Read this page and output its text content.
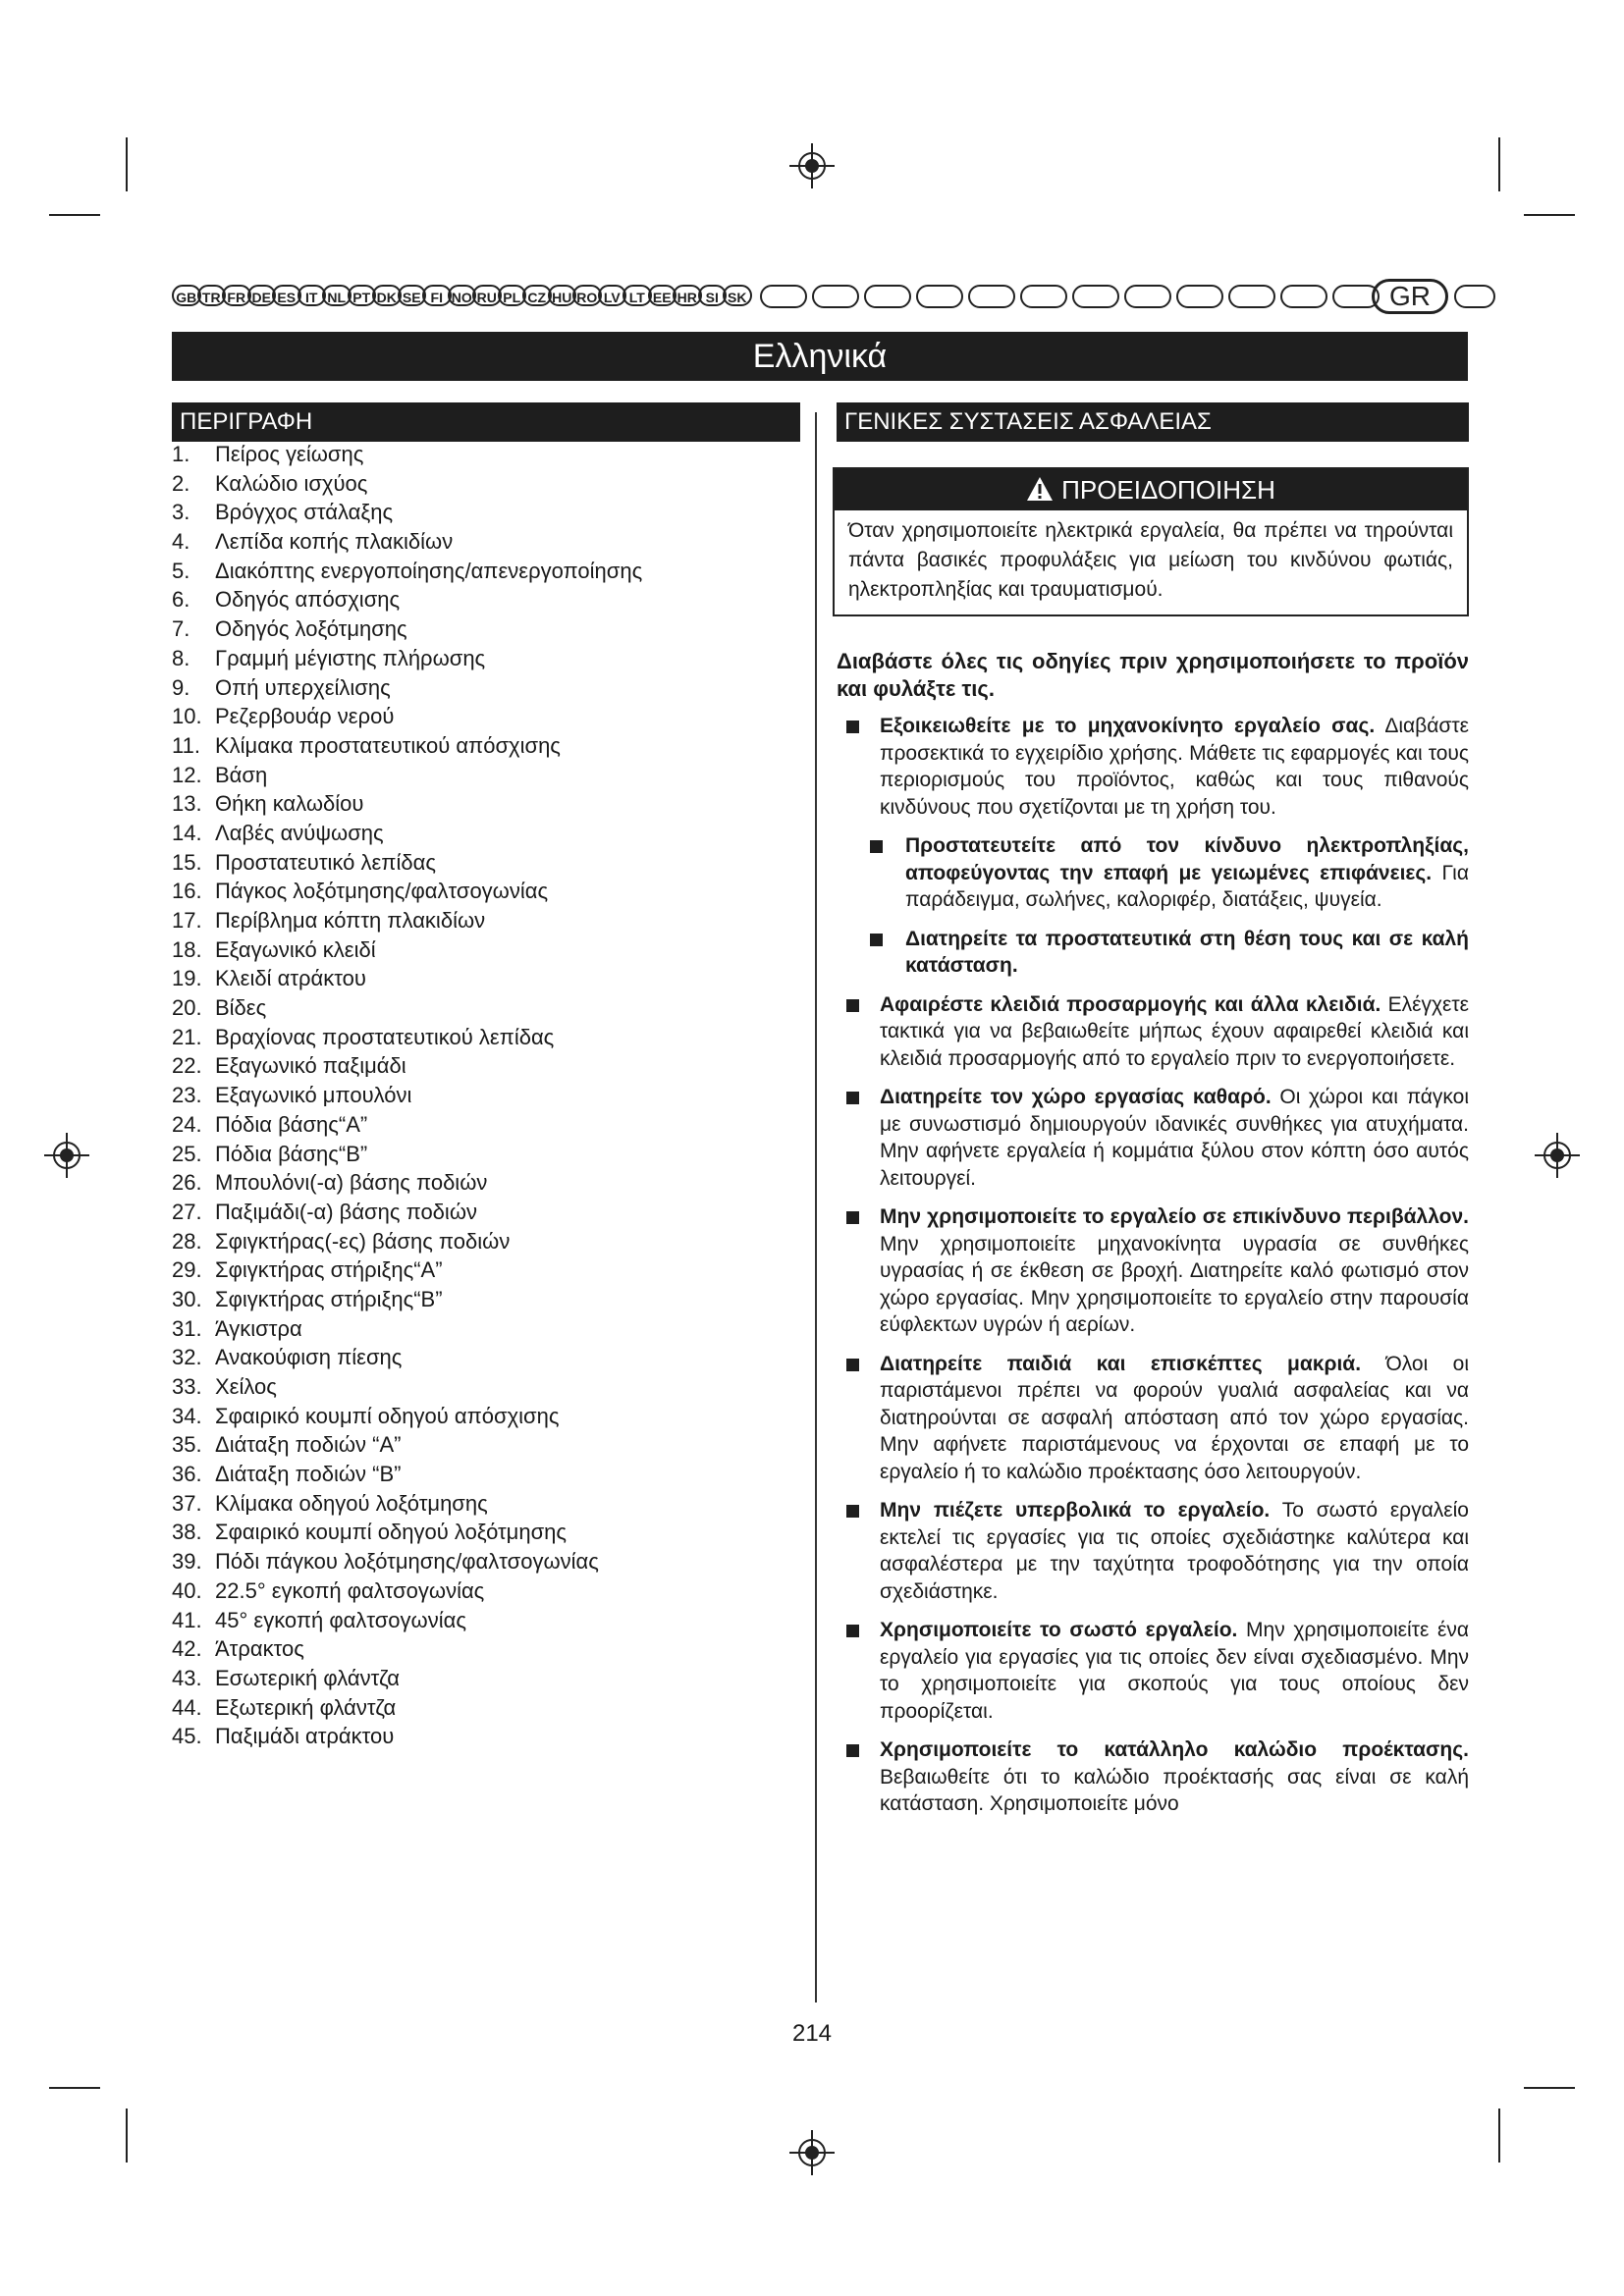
GB TR FR DE ES IT NL PT DK SE FI NO RU PL CZ HU RO LV LT EE HR SI SK	GR
Ελληνικά
ΠΕΡΙΓΡΑΦΗ
1. Πείρος γείωσης
2. Καλώδιο ισχύος
3. Βρόγχος στάλαξης
4. Λεπίδα κοπής πλακιδίων
5. Διακόπτης ενεργοποίησης/απενεργοποίησης
6. Οδηγός απόσχισης
7. Οδηγός λοξότμησης
8. Γραμμή μέγιστης πλήρωσης
9. Οπή υπερχείλισης
10. Ρεζερβουάρ νερού
11. Κλίμακα προστατευτικού απόσχισης
12. Βάση
13. Θήκη καλωδίου
14. Λαβές ανύψωσης
15. Προστατευτικό λεπίδας
16. Πάγκος λοξότμησης/φαλτσογωνίας
17. Περίβλημα κόπτη πλακιδίων
18. Εξαγωνικό κλειδί
19. Κλειδί ατράκτου
20. Βίδες
21. Βραχίονας προστατευτικού λεπίδας
22. Εξαγωνικό παξιμάδι
23. Εξαγωνικό μπουλόνι
24. Πόδια βάσης“A”
25. Πόδια βάσης“B”
26. Μπουλόνι(-α) βάσης ποδιών
27. Παξιμάδι(-α) βάσης ποδιών
28. Σφιγκτήρας(-ες) βάσης ποδιών
29. Σφιγκτήρας στήριξης“A”
30. Σφιγκτήρας στήριξης“B”
31. Άγκιστρα
32. Ανακούφιση πίεσης
33. Χείλος
34. Σφαιρικό κουμπί οδηγού απόσχισης
35. Διάταξη ποδιών “A”
36. Διάταξη ποδιών “B”
37. Κλίμακα οδηγού λοξότμησης
38. Σφαιρικό κουμπί οδηγού λοξότμησης
39. Πόδι πάγκου λοξότμησης/φαλτσογωνίας
40. 22.5° εγκοπή φαλτσογωνίας
41. 45° εγκοπή φαλτσογωνίας
42. Άτρακτος
43. Εσωτερική φλάντζα
44. Εξωτερική φλάντζα
45. Παξιμάδι ατράκτου
ΓΕΝΙΚΕΣ ΣΥΣΤΑΣΕΙΣ ΑΣΦΑΛΕΙΑΣ
ΠΡΟΕΙΔΟΠΟΙΗΣΗ
Όταν χρησιμοποιείτε ηλεκτρικά εργαλεία, θα πρέπει να τηρούνται πάντα βασικές προφυλάξεις για μείωση του κινδύνου φωτιάς, ηλεκτροπληξίας και τραυματισμού.
Διαβάστε όλες τις οδηγίες πριν χρησιμοποιήσετε το προϊόν και φυλάξτε τις.
Εξοικειωθείτε με το μηχανοκίνητο εργαλείο σας. Διαβάστε προσεκτικά το εγχειρίδιο χρήσης. Μάθετε τις εφαρμογές και τους περιορισμούς του προϊόντος, καθώς και τους πιθανούς κινδύνους που σχετίζονται με τη χρήση του.
Προστατευτείτε από τον κίνδυνο ηλεκτροπληξίας, αποφεύγοντας την επαφή με γειωμένες επιφάνειες. Για παράδειγμα, σωλήνες, καλοριφέρ, διατάξεις, ψυγεία.
Διατηρείτε τα προστατευτικά στη θέση τους και σε καλή κατάσταση.
Αφαιρέστε κλειδιά προσαρμογής και άλλα κλειδιά. Ελέγχετε τακτικά για να βεβαιωθείτε μήπως έχουν αφαιρεθεί κλειδιά και κλειδιά προσαρμογής από το εργαλείο πριν το ενεργοποιήσετε.
Διατηρείτε τον χώρο εργασίας καθαρό. Οι χώροι και πάγκοι με συνωστισμό δημιουργούν ιδανικές συνθήκες για ατυχήματα. Μην αφήνετε εργαλεία ή κομμάτια ξύλου στον κόπτη όσο αυτός λειτουργεί.
Μην χρησιμοποιείτε το εργαλείο σε επικίνδυνο περιβάλλον. Μην χρησιμοποιείτε μηχανοκίνητα υγρασία σε συνθήκες υγρασίας ή σε έκθεση σε βροχή. Διατηρείτε καλό φωτισμό στον χώρο εργασίας. Μην χρησιμοποιείτε το εργαλείο στην παρουσία εύφλεκτων υγρών ή αερίων.
Διατηρείτε παιδιά και επισκέπτες μακριά. Όλοι οι παριστάμενοι πρέπει να φορούν γυαλιά ασφαλείας και να διατηρούνται σε ασφαλή απόσταση από τον χώρο εργασίας. Μην αφήνετε παριστάμενους να έρχονται σε επαφή με το εργαλείο ή το καλώδιο προέκτασης όσο λειτουργούν.
Μην πιέζετε υπερβολικά το εργαλείο. Το σωστό εργαλείο εκτελεί τις εργασίες για τις οποίες σχεδιάστηκε καλύτερα και ασφαλέστερα με την ταχύτητα τροφοδότησης για την οποία σχεδιάστηκε.
Χρησιμοποιείτε το σωστό εργαλείο. Μην χρησιμοποιείτε ένα εργαλείο για εργασίες για τις οποίες δεν είναι σχεδιασμένο. Μην το χρησιμοποιείτε για σκοπούς για τους οποίους δεν προορίζεται.
Χρησιμοποιείτε το κατάλληλο καλώδιο προέκτασης. Βεβαιωθείτε ότι το καλώδιο προέκτασής σας είναι σε καλή κατάσταση. Χρησιμοποιείτε μόνο
214
